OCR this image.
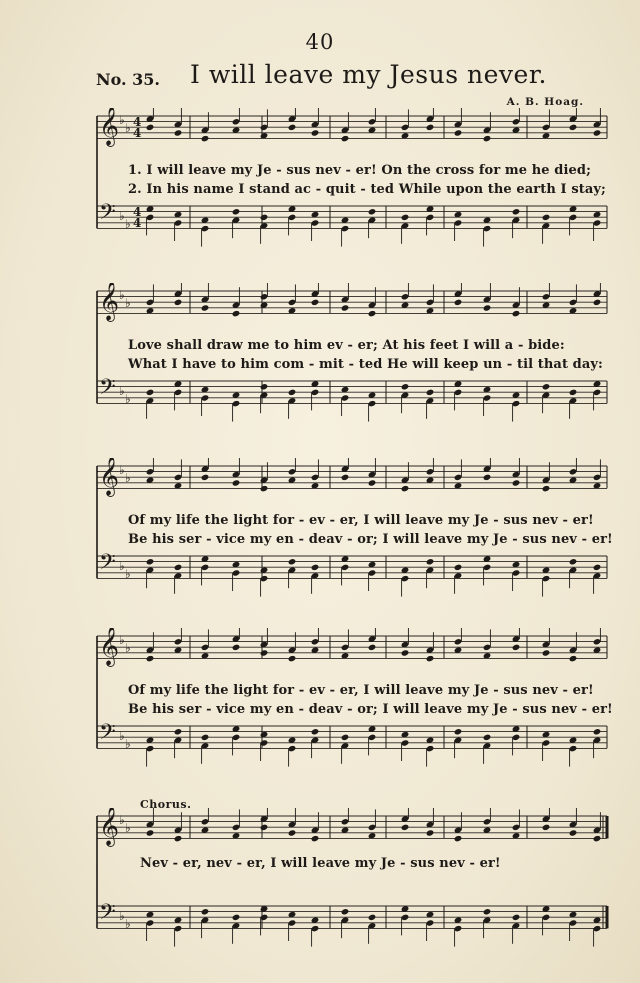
40
No. 35. I will leave my Jesus never.
A. B. Hoag.
𝄞 ♭
♭
𝄢 ♭
♭
4
4
4
4
1. I will leave my Je - sus nev - er! On the cross for me he died;
2. In his name I stand ac - quit - ted While upon the earth I stay;
𝄞 ♭
♭
𝄢 ♭
♭
Love shall draw me to him ev - er; At his feet I will a - bide:
What I have to him com - mit - ted He will keep un - til that day:
𝄞 ♭
♭
𝄢 ♭
♭
Of my life the light for - ev - er, I will leave my Je - sus nev - er!
Be his ser - vice my en - deav - or; I will leave my Je - sus nev - er!
𝄞 ♭
♭
𝄢 ♭
♭
Of my life the light for - ev - er, I will leave my Je - sus nev - er!
Be his ser - vice my en - deav - or; I will leave my Je - sus nev - er!
Chorus.
𝄞 ♭
♭
𝄢 ♭
♭
Nev - er, nev - er, I will leave my Je - sus nev - er!
